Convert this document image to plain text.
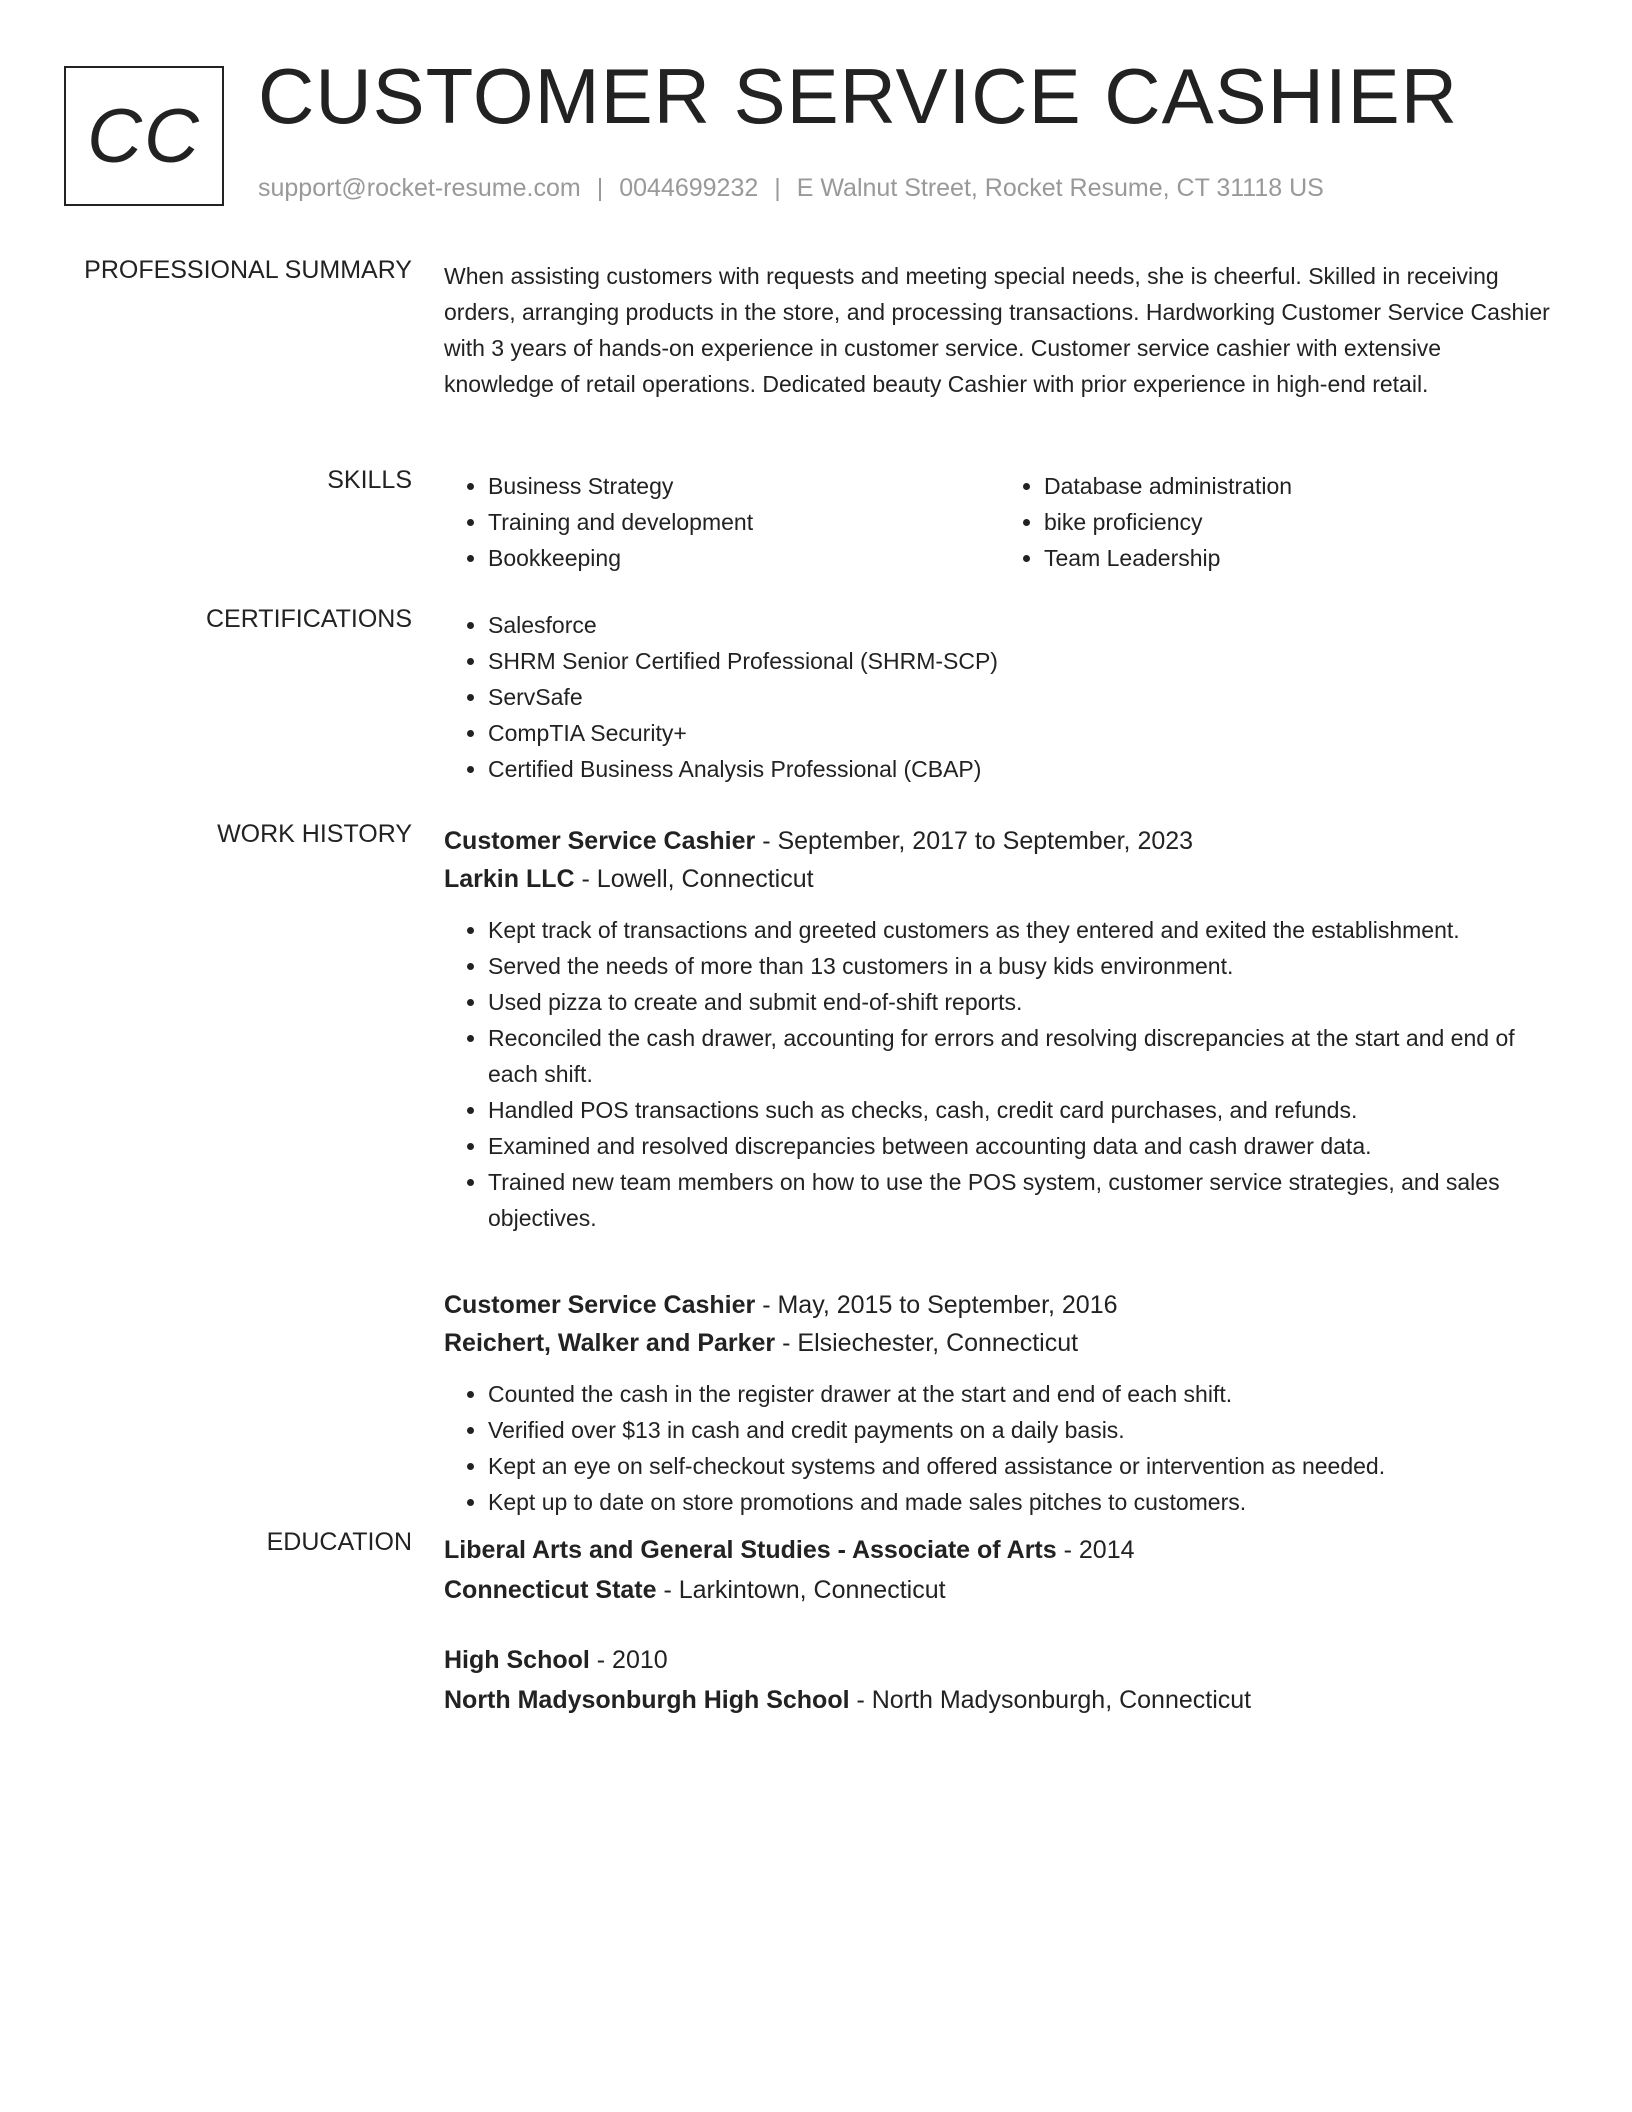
CC CUSTOMER SERVICE CASHIER
support@rocket-resume.com | 0044699232 | E Walnut Street, Rocket Resume, CT 31118 US
PROFESSIONAL SUMMARY When assisting customers with requests and meeting special needs, she is cheerful. Skilled in receiving orders, arranging products in the store, and processing transactions. Hardworking Customer Service Cashier with 3 years of hands-on experience in customer service. Customer service cashier with extensive knowledge of retail operations. Dedicated beauty Cashier with prior experience in high-end retail.
SKILLS	• Business Strategy
• Training and development
• Bookkeeping
• Database administration
• bike proficiency
• Team Leadership
CERTIFICATIONS	• Salesforce
• SHRM Senior Certified Professional (SHRM-SCP)
• ServSafe
• CompTIA Security+
• Certified Business Analysis Professional (CBAP)
WORK HISTORY Customer Service Cashier - September, 2017 to September, 2023
Larkin LLC - Lowell, Connecticut
• Kept track of transactions and greeted customers as they entered and exited the establishment.
• Served the needs of more than 13 customers in a busy kids environment.
• Used pizza to create and submit end-of-shift reports.
• Reconciled the cash drawer, accounting for errors and resolving discrepancies at the start and end of each shift.
• Handled POS transactions such as checks, cash, credit card purchases, and refunds.
• Examined and resolved discrepancies between accounting data and cash drawer data.
• Trained new team members on how to use the POS system, customer service strategies, and sales objectives.
Customer Service Cashier - May, 2015 to September, 2016
Reichert, Walker and Parker - Elsiechester, Connecticut
• Counted the cash in the register drawer at the start and end of each shift.
• Verified over $13 in cash and credit payments on a daily basis.
• Kept an eye on self-checkout systems and offered assistance or intervention as needed.
• Kept up to date on store promotions and made sales pitches to customers.
EDUCATION Liberal Arts and General Studies - Associate of Arts - 2014
Connecticut State - Larkintown, Connecticut
High School - 2010
North Madysonburgh High School - North Madysonburgh, Connecticut
